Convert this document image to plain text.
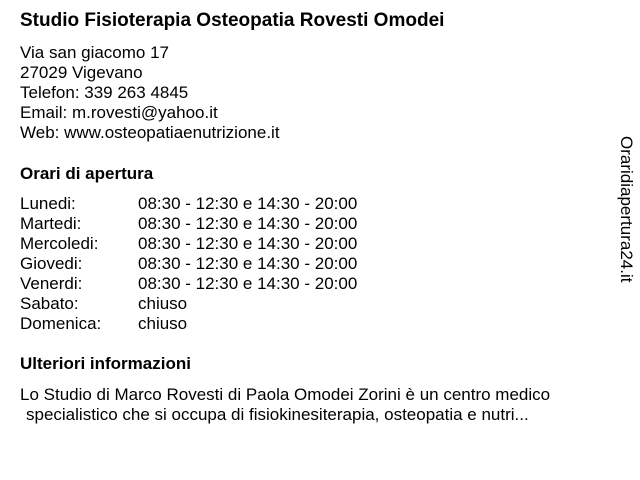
Studio Fisioterapia Osteopatia Rovesti Omodei
Via san giacomo 17
27029 Vigevano
Telefon: 339 263 4845
Email: m.rovesti@yahoo.it
Web: www.osteopatiaenutrizione.it
Orari di apertura
Lunedi:	08:30 - 12:30 e 14:30 - 20:00
Martedi:	08:30 - 12:30 e 14:30 - 20:00
Mercoledi:	08:30 - 12:30 e 14:30 - 20:00
Giovedi:	08:30 - 12:30 e 14:30 - 20:00
Venerdi:	08:30 - 12:30 e 14:30 - 20:00
Sabato:	chiuso
Domenica:	chiuso
Ulteriori informazioni
Lo Studio di Marco Rovesti di Paola Omodei Zorini è un centro medico
specialistico che si occupa di fisiokinesiterapia, osteopatia e nutri...
Oraridiapertura24.it
